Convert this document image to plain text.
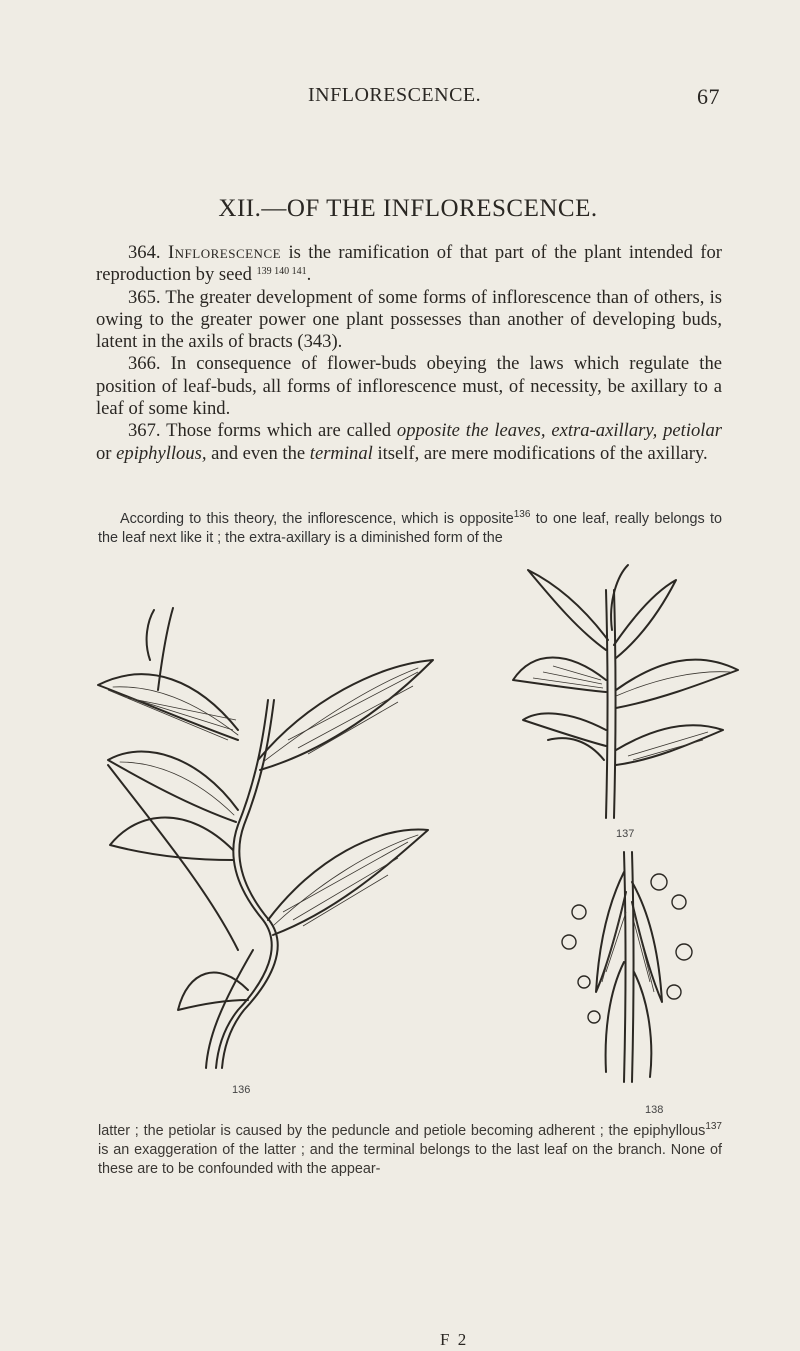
INFLORESCENCE.	67
XII.—OF THE INFLORESCENCE.

364. Inflorescence is the ramification of that part of the plant intended for reproduction by seed $^{139 140 141}$.

365. The greater development of some forms of inflorescence than of others, is owing to the greater power one plant possesses than another of developing buds, latent in the axils of bracts (343).

366. In consequence of flower-buds obeying the laws which regulate the position of leaf-buds, all forms of inflorescence must, of necessity, be axillary to a leaf of some kind.

367. Those forms which are called opposite the leaves, extra-axillary, petiolar or epiphyllous, and even the terminal itself, are mere modifications of the axillary.

According to this theory, the inflorescence, which is opposite$^{136}$ to one leaf, really belongs to the leaf next like it ; the extra-axillary is a diminished form of the

136
137
138

latter ; the petiolar is caused by the peduncle and petiole becoming adherent ; the epiphyllous$^{137}$ is an exaggeration of the latter ; and the terminal belongs to the last leaf on the branch. None of these are to be confounded with the appear-

F 2
